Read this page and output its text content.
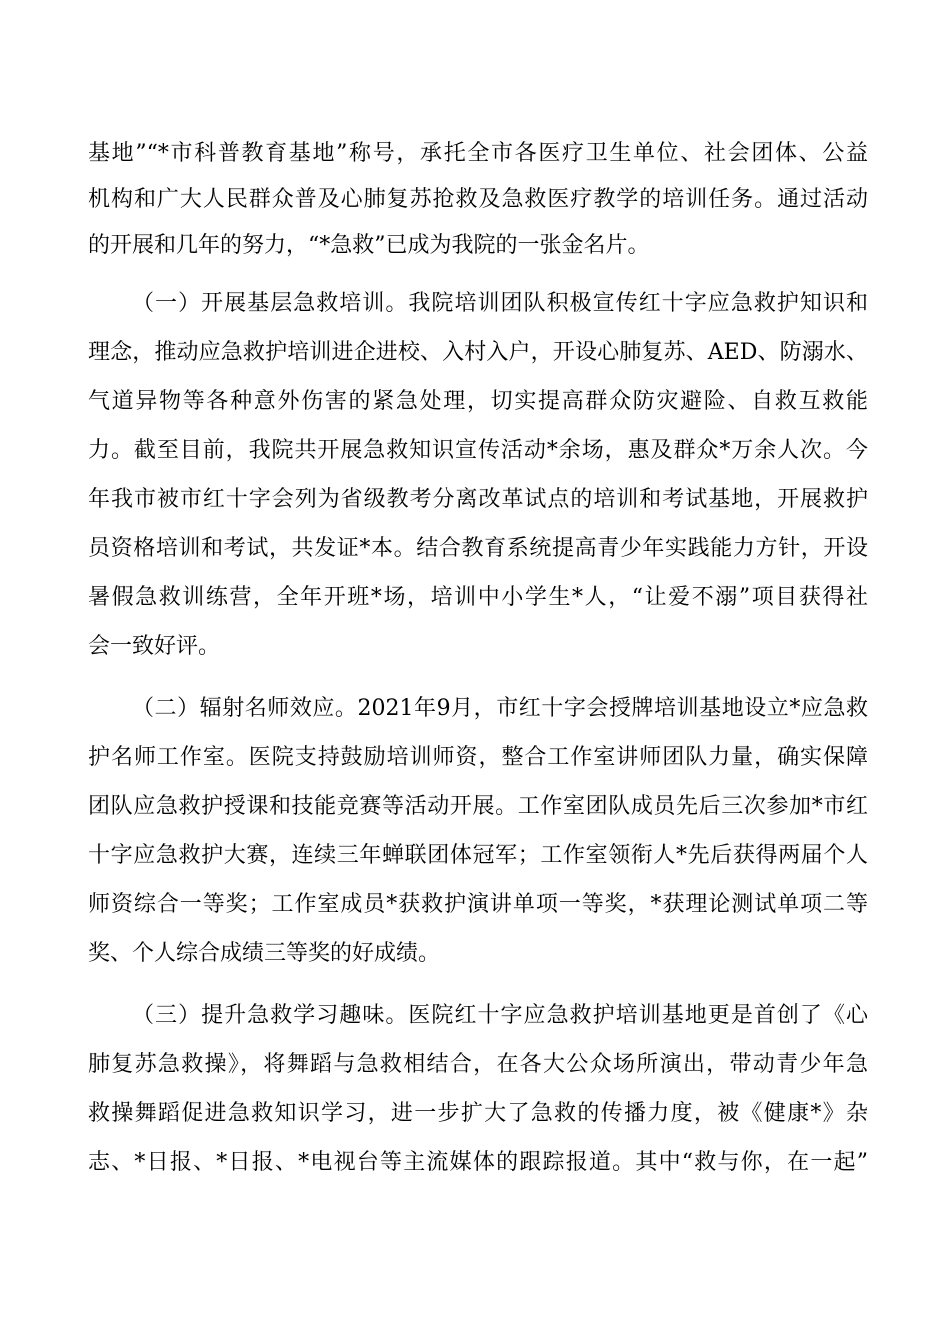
基地”“*市科普教育基地”称号，承托全市各医疗卫生单位、社会团体、公益
机构和广大人民群众普及心肺复苏抢救及急救医疗教学的培训任务。通过活动
的开展和几年的努力，“*急救”已成为我院的一张金名片。
（一）开展基层急救培训。我院培训团队积极宣传红十字应急救护知识和
理念，推动应急救护培训进企进校、入村入户，开设心肺复苏、AED、防溺水、
气道异物等各种意外伤害的紧急处理，切实提高群众防灾避险、自救互救能
力。截至目前，我院共开展急救知识宣传活动*余场，惠及群众*万余人次。今
年我市被市红十字会列为省级教考分离改革试点的培训和考试基地，开展救护
员资格培训和考试，共发证*本。结合教育系统提高青少年实践能力方针，开设
暑假急救训练营，全年开班*场，培训中小学生*人，“让爱不溺”项目获得社
会一致好评。
（二）辐射名师效应。2021年9月，市红十字会授牌培训基地设立*应急救
护名师工作室。医院支持鼓励培训师资，整合工作室讲师团队力量，确实保障
团队应急救护授课和技能竞赛等活动开展。工作室团队成员先后三次参加*市红
十字应急救护大赛，连续三年蝉联团体冠军；工作室领衔人*先后获得两届个人
师资综合一等奖；工作室成员*获救护演讲单项一等奖，*获理论测试单项二等
奖、个人综合成绩三等奖的好成绩。
（三）提升急救学习趣味。医院红十字应急救护培训基地更是首创了《心
肺复苏急救操》，将舞蹈与急救相结合，在各大公众场所演出，带动青少年急
救操舞蹈促进急救知识学习，进一步扩大了急救的传播力度，被《健康*》杂
志、*日报、*日报、*电视台等主流媒体的跟踪报道。其中“救与你，在一起”
